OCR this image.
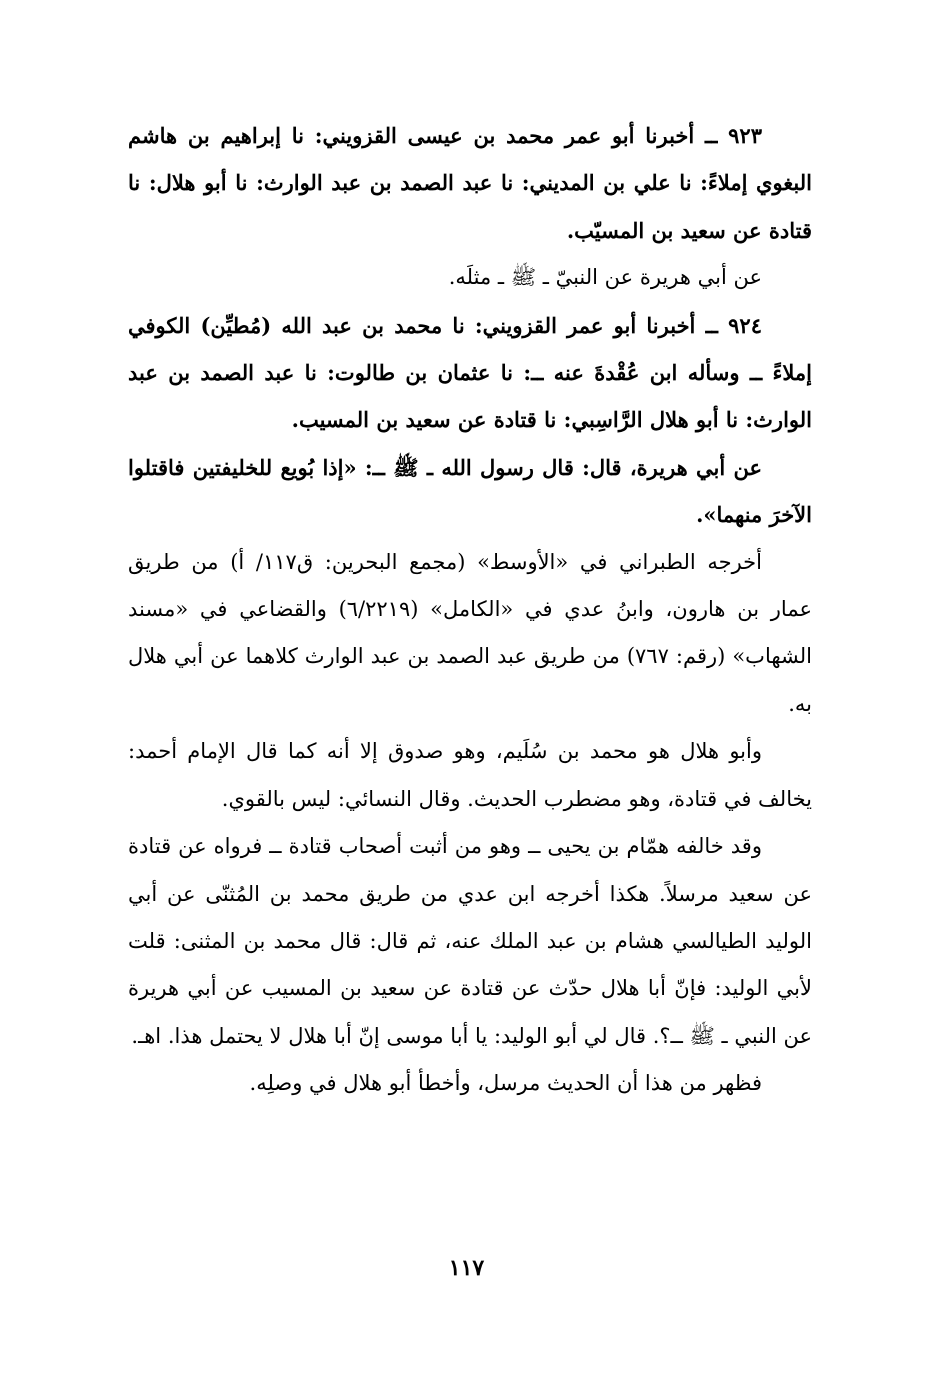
٩٢٣ ــ أخبرنا أبو عمر محمد بن عيسى القزويني: نا إبراهيم بن هاشم البغوي إملاءً: نا علي بن المديني: نا عبد الصمد بن عبد الوارث: نا أبو هلال: نا قتادة عن سعيد بن المسيّب.

عن أبي هريرة عن النبيّ ـ ﷺ ـ مثلَه.

٩٢٤ ــ أخبرنا أبو عمر القزويني: نا محمد بن عبد الله (مُطيِّن) الكوفي إملاءً ــ وسأله ابن عُقْدةَ عنه ــ: نا عثمان بن طالوت: نا عبد الصمد بن عبد الوارث: نا أبو هلال الرَّاسِبي: نا قتادة عن سعيد بن المسيب.

عن أبي هريرة، قال: قال رسول الله ـ ﷺ ــ: «إذا بُويع للخليفتين فاقتلوا الآخرَ منهما».

أخرجه الطبراني في «الأوسط» (مجمع البحرين: ق١١٧/ أ) من طريق عمار بن هارون، وابنُ عدي في «الكامل» (٦/٢٢١٩) والقضاعي في «مسند الشهاب» (رقم: ٧٦٧) من طريق عبد الصمد بن عبد الوارث كلاهما عن أبي هلال به.

وأبو هلال هو محمد بن سُلَيم، وهو صدوق إلا أنه كما قال الإمام أحمد: يخالف في قتادة، وهو مضطرب الحديث. وقال النسائي: ليس بالقوي.

وقد خالفه همّام بن يحيى ــ وهو من أثبت أصحاب قتادة ــ فرواه عن قتادة عن سعيد مرسلاً. هكذا أخرجه ابن عدي من طريق محمد بن المُثنّى عن أبي الوليد الطيالسي هشام بن عبد الملك عنه، ثم قال: قال محمد بن المثنى: قلت لأبي الوليد: فإنّ أبا هلال حدّث عن قتادة عن سعيد بن المسيب عن أبي هريرة عن النبي ـ ﷺ ــ؟. قال لي أبو الوليد: يا أبا موسى إنّ أبا هلال لا يحتمل هذا. اهـ.

فظهر من هذا أن الحديث مرسل، وأخطأ أبو هلال في وصلِه.

١١٧
